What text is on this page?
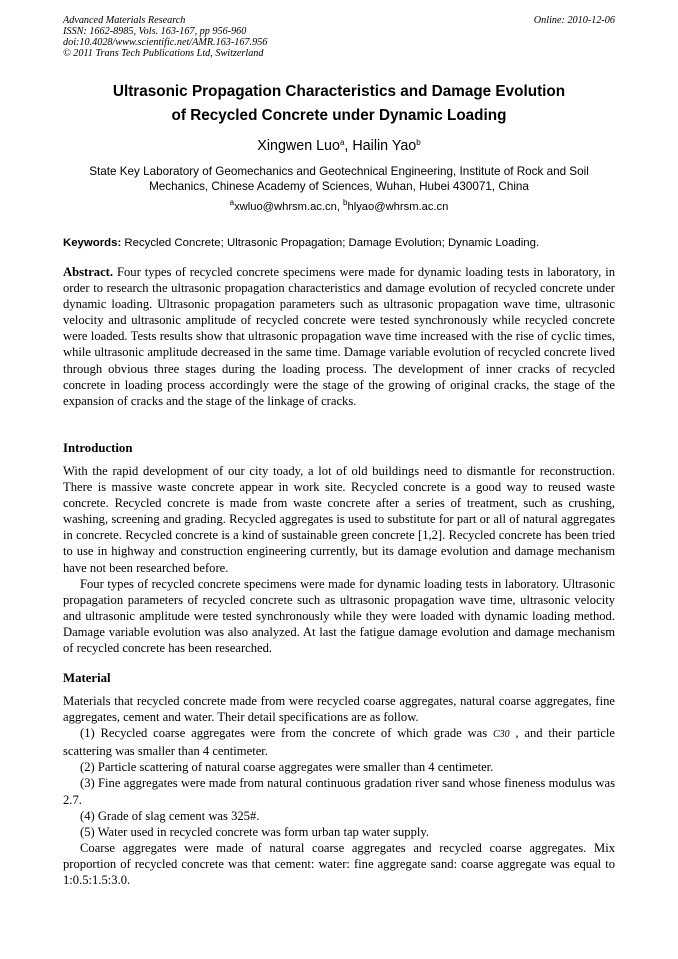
Advanced Materials Research
ISSN: 1662-8985, Vols. 163-167, pp 956-960
doi:10.4028/www.scientific.net/AMR.163-167.956
© 2011 Trans Tech Publications Ltd, Switzerland
Online: 2010-12-06
Ultrasonic Propagation Characteristics and Damage Evolution
of Recycled Concrete under Dynamic Loading
Xingwen Luo$^a$, Hailin Yao$^b$
State Key Laboratory of Geomechanics and Geotechnical Engineering, Institute of Rock and Soil
Mechanics, Chinese Academy of Sciences, Wuhan, Hubei 430071, China
$^a$xwluo@whrsm.ac.cn, $^b$hlyao@whrsm.ac.cn
Keywords: Recycled Concrete; Ultrasonic Propagation; Damage Evolution; Dynamic Loading.

Abstract. Four types of recycled concrete specimens were made for dynamic loading tests in laboratory, in order to research the ultrasonic propagation characteristics and damage evolution of recycled concrete under dynamic loading. Ultrasonic propagation parameters such as ultrasonic propagation wave time, ultrasonic velocity and ultrasonic amplitude of recycled concrete were tested synchronously while recycled concrete were loaded. Tests results show that ultrasonic propagation wave time increased with the rise of cyclic times, while ultrasonic amplitude decreased in the same time. Damage variable evolution of recycled concrete lived through obvious three stages during the loading process. The development of inner cracks of recycled concrete in loading process accordingly were the stage of the growing of original cracks, the stage of the expansion of cracks and the stage of the linkage of cracks.

Introduction

With the rapid development of our city toady, a lot of old buildings need to dismantle for reconstruction. There is massive waste concrete appear in work site. Recycled concrete is a good way to reused waste concrete. Recycled concrete is made from waste concrete after a series of treatment, such as crushing, washing, screening and grading. Recycled aggregates is used to substitute for part or all of natural aggregates in concrete. Recycled concrete is a kind of sustainable green concrete [1,2]. Recycled concrete has been tried to use in highway and construction engineering currently, but its damage evolution and damage mechanism have not been researched before.

Four types of recycled concrete specimens were made for dynamic loading tests in laboratory. Ultrasonic propagation parameters of recycled concrete such as ultrasonic propagation wave time, ultrasonic velocity and ultrasonic amplitude were tested synchronously while they were loaded with dynamic loading method. Damage variable evolution was also analyzed. At last the fatigue damage evolution and damage mechanism of recycled concrete has been researched.

Material

Materials that recycled concrete made from were recycled coarse aggregates, natural coarse aggregates, fine aggregates, cement and water. Their detail specifications are as follow.

(1) Recycled coarse aggregates were from the concrete of which grade was C30 , and their particle scattering was smaller than 4 centimeter.

(2) Particle scattering of natural coarse aggregates were smaller than 4 centimeter.

(3) Fine aggregates were made from natural continuous gradation river sand whose fineness modulus was 2.7.

(4) Grade of slag cement was 325#.

(5) Water used in recycled concrete was form urban tap water supply.

Coarse aggregates were made of natural coarse aggregates and recycled coarse aggregates. Mix proportion of recycled concrete was that cement: water: fine aggregate sand: coarse aggregate was equal to 1:0.5:1.5:3.0.
